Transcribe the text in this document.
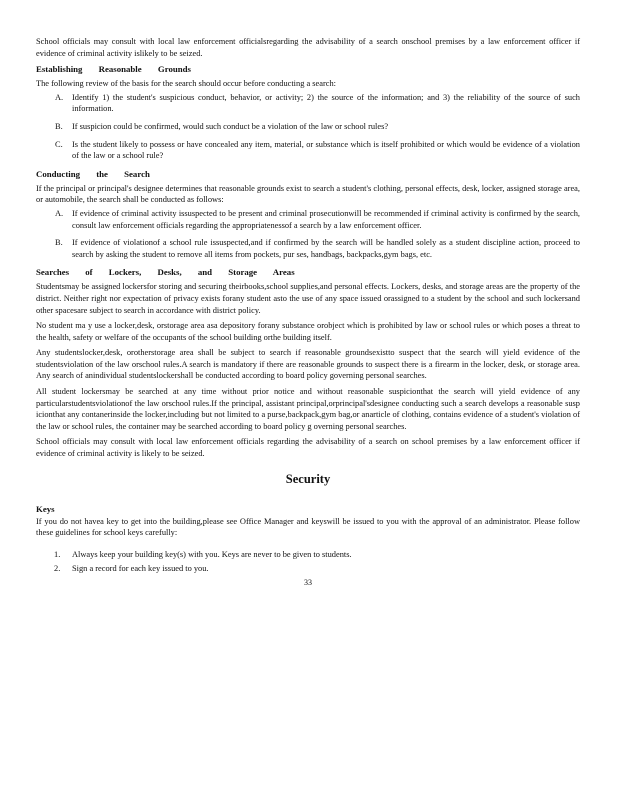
School officials may consult with local law enforcement officialsregarding the advisability of a search onschool premises by a law enforcement officer if evidence of criminal activity islikely to be seized.

Establishing Reasonable Grounds

The following review of the basis for the search should occur before conducting a search:

A. Identify 1) the student's suspicious conduct, behavior, or activity; 2) the source of the information; and 3) the reliability of the source of such information.
B. If suspicion could be confirmed, would such conduct be a violation of the law or school rules?
C. Is the student likely to possess or have concealed any item, material, or substance which is itself prohibited or which would be evidence of a violation of the law or a school rule?
Conducting the Search

If the principal or principal's designee determines that reasonable grounds exist to search a student's clothing, personal effects, desk, locker, assigned storage area, or automobile, the search shall be conducted as follows:

A. If evidence of criminal activity issuspected to be present and criminal prosecutionwill be recommended if criminal activity is confirmed by the search, consult law enforcement officials regarding the appropriatenessof a search by a law enforcement officer.
B. If evidence of violationof a school rule issuspected,and if confirmed by the search will be handled solely as a student discipline action, proceed to search by asking the student to remove all items from pockets, pur ses, handbags, backpacks,gym bags, etc.
Searches of Lockers, Desks, and Storage Areas

Studentsmay be assigned lockersfor storing and securing theirbooks,school supplies,and personal effects. Lockers, desks, and storage areas are the property of the district. Neither right nor expectation of privacy exists forany student asto the use of any space issued orassigned to a student by the school and such lockersand other spacesare subject to search in accordance with district policy.

No student ma y use a locker,desk, orstorage area asa depository forany substance orobject which is prohibited by law or school rules or which poses a threat to the health, safety or welfare of the occupants of the school building orthe building itself.

Any studentslocker,desk, orotherstorage area shall be subject to search if reasonable groundsexistto suspect that the search will yield evidence of the studentsviolation of the law orschool rules.A search is mandatory if there are reasonable grounds to suspect there is a firearm in the locker, desk, or storage area. Any search of anindividual studentslockershall be conducted according to board policy governing personal searches.

All student lockersmay be searched at any time without prior notice and without reasonable suspicionthat the search will yield evidence of any particularstudentsviolationof the law orschool rules.If the principal, assistant principal,orprincipal'sdesignee conducting such a search develops a reasonable susp icionthat any contanerinside the locker,including but not limited to a purse,backpack,gym bag,or anarticle of clothing, contains evidence of a student's violation of the law or school rules, the container may be searched according to board policy g overning personal searches.

School officials may consult with local law enforcement officials regarding the advisability of a search on school premises by a law enforcement officer if evidence of criminal activity is likely to be seized.

Security
Keys

If you do not havea key to get into the building,please see Office Manager and keyswill be issued to you with the approval of an administrator. Please follow these guidelines for school keys carefully:

1. Always keep your building key(s) with you. Keys are never to be given to students.
2. Sign a record for each key issued to you.
33
